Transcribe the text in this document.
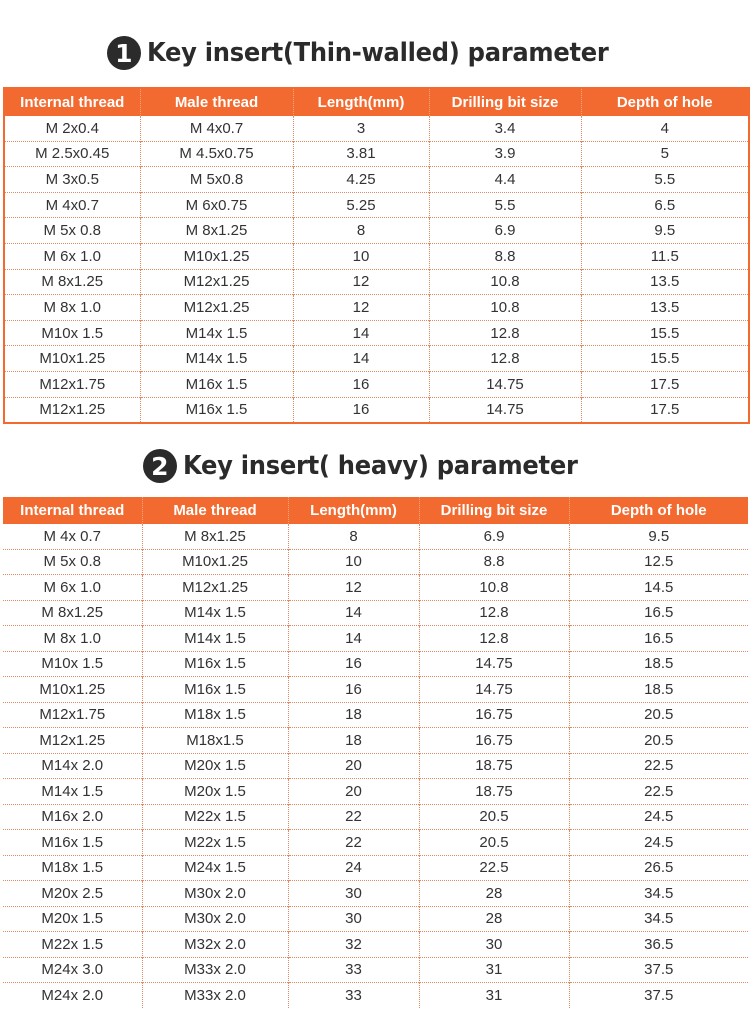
1 Key insert(Thin-walled) parameter
Internal thread	Male thread	Length(mm)	Drilling bit size	Depth of hole
M 2x0.4	M 4x0.7	3	3.4	4
M 2.5x0.45	M 4.5x0.75	3.81	3.9	5
M 3x0.5	M 5x0.8	4.25	4.4	5.5
M 4x0.7	M 6x0.75	5.25	5.5	6.5
M 5x 0.8	M 8x1.25	8	6.9	9.5
M 6x 1.0	M10x1.25	10	8.8	11.5
M 8x1.25	M12x1.25	12	10.8	13.5
M 8x 1.0	M12x1.25	12	10.8	13.5
M10x 1.5	M14x 1.5	14	12.8	15.5
M10x1.25	M14x 1.5	14	12.8	15.5
M12x1.75	M16x 1.5	16	14.75	17.5
M12x1.25	M16x 1.5	16	14.75	17.5
2 Key insert( heavy) parameter
Internal thread	Male thread	Length(mm)	Drilling bit size	Depth of hole
M 4x 0.7	M 8x1.25	8	6.9	9.5
M 5x 0.8	M10x1.25	10	8.8	12.5
M 6x 1.0	M12x1.25	12	10.8	14.5
M 8x1.25	M14x 1.5	14	12.8	16.5
M 8x 1.0	M14x 1.5	14	12.8	16.5
M10x 1.5	M16x 1.5	16	14.75	18.5
M10x1.25	M16x 1.5	16	14.75	18.5
M12x1.75	M18x 1.5	18	16.75	20.5
M12x1.25	M18x1.5	18	16.75	20.5
M14x 2.0	M20x 1.5	20	18.75	22.5
M14x 1.5	M20x 1.5	20	18.75	22.5
M16x 2.0	M22x 1.5	22	20.5	24.5
M16x 1.5	M22x 1.5	22	20.5	24.5
M18x 1.5	M24x 1.5	24	22.5	26.5
M20x 2.5	M30x 2.0	30	28	34.5
M20x 1.5	M30x 2.0	30	28	34.5
M22x 1.5	M32x 2.0	32	30	36.5
M24x 3.0	M33x 2.0	33	31	37.5
M24x 2.0	M33x 2.0	33	31	37.5
